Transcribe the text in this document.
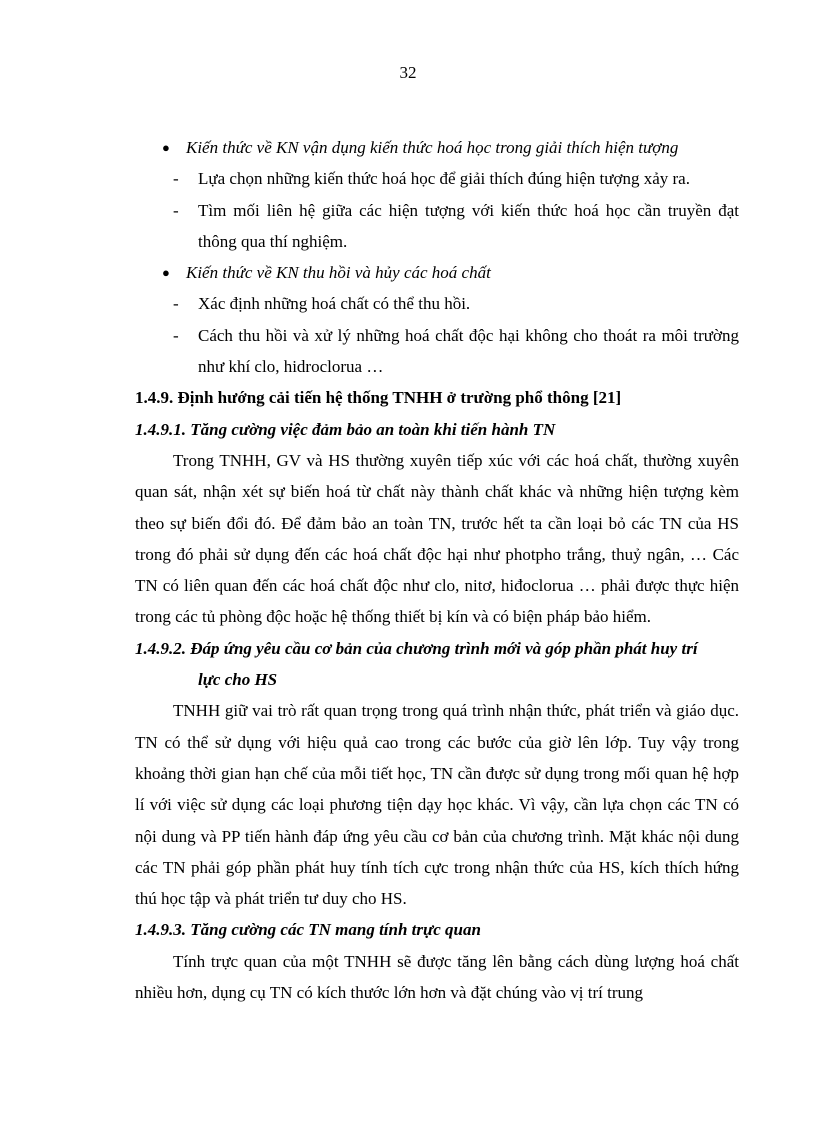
32
● Kiến thức về KN vận dụng kiến thức hoá học trong giải thích hiện tượng
- Lựa chọn những kiến thức hoá học để giải thích đúng hiện tượng xảy ra.
- Tìm mối liên hệ giữa các hiện tượng với kiến thức hoá học cần truyền đạt thông qua thí nghiệm.
● Kiến thức về KN thu hồi và hủy các hoá chất
- Xác định những hoá chất có thể thu hồi.
- Cách thu hồi và xử lý những hoá chất độc hại không cho thoát ra môi trường như khí clo, hidroclorua …
1.4.9. Định hướng cải tiến hệ thống TNHH ở trường phổ thông [21]
1.4.9.1. Tăng cường việc đảm bảo an toàn khi tiến hành TN
Trong TNHH, GV và HS thường xuyên tiếp xúc với các hoá chất, thường xuyên quan sát, nhận xét sự biến hoá từ chất này thành chất khác và những hiện tượng kèm theo sự biến đổi đó. Để đảm bảo an toàn TN, trước hết ta cần loại bỏ các TN của HS trong đó phải sử dụng đến các hoá chất độc hại như photpho trắng, thuỷ ngân, … Các TN có liên quan đến các hoá chất độc như clo, nitơ, hiđoclorua … phải được thực hiện trong các tủ phòng độc hoặc hệ thống thiết bị kín và có biện pháp bảo hiểm.
1.4.9.2. Đáp ứng yêu cầu cơ bản của chương trình mới và góp phần phát huy trí
lực cho HS
TNHH giữ vai trò rất quan trọng trong quá trình nhận thức, phát triển và giáo dục. TN có thể sử dụng với hiệu quả cao trong các bước của giờ lên lớp. Tuy vậy trong khoảng thời gian hạn chế của mỗi tiết học, TN cần được sử dụng trong mối quan hệ hợp lí với việc sử dụng các loại phương tiện dạy học khác. Vì vậy, cần lựa chọn các TN có nội dung và PP tiến hành đáp ứng yêu cầu cơ bản của chương trình. Mặt khác nội dung các TN phải góp phần phát huy tính tích cực trong nhận thức của HS, kích thích hứng thú học tập và phát triển tư duy cho HS.
1.4.9.3. Tăng cường các TN mang tính trực quan
Tính trực quan của một TNHH sẽ được tăng lên bằng cách dùng lượng hoá chất nhiều hơn, dụng cụ TN có kích thước lớn hơn và đặt chúng vào vị trí trung
